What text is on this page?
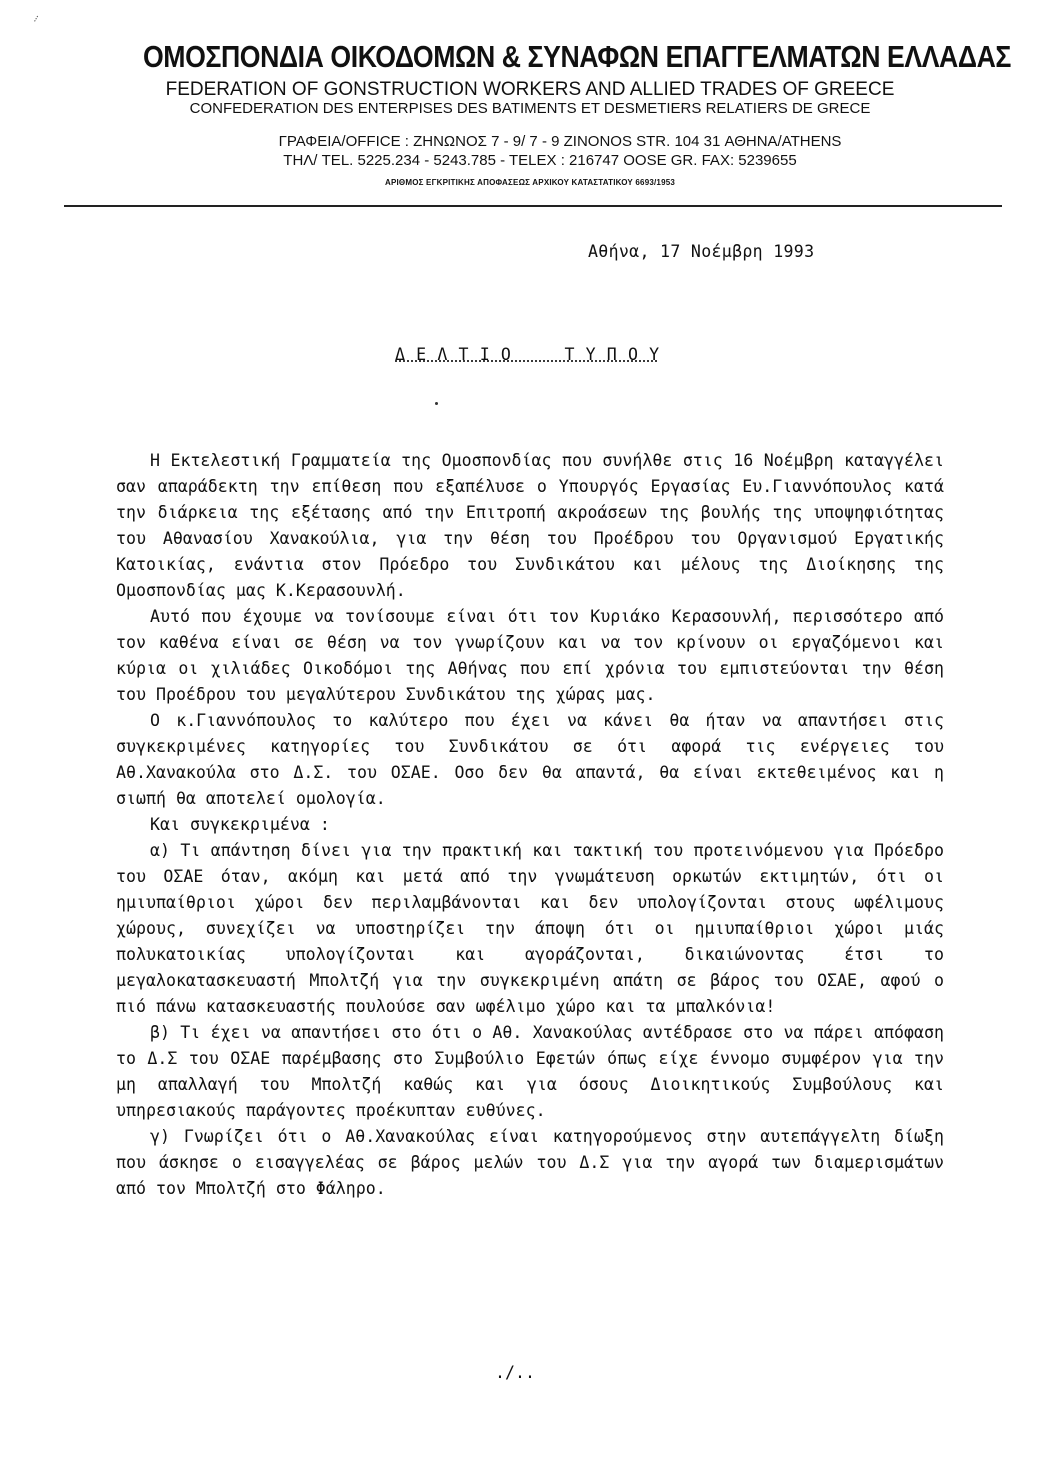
ΟΜΟΣΠΟΝΔΙΑ ΟΙΚΟΔΟΜΩΝ & ΣΥΝΑΦΩΝ ΕΠΑΓΓΕΛΜΑΤΩΝ ΕΛΛΑΔΑΣ
FEDERATION OF GONSTRUCTION WORKERS AND ALLIED TRADES OF GREECE
CONFEDERATION DES ENTERPISES DES BATIMENTS ET DESMETIERS RELATIERS DE GRECE
ΓΡΑΦΕΙΑ/OFFICE : ΖΗΝΩΝΟΣ 7 - 9/ 7 - 9 ZINONOS STR. 104 31 ΑΘΗΝΑ/ATHENS
ΤΗΛ/ TEL. 5225.234 - 5243.785 - TELEX : 216747 OOSE GR. FAX: 5239655
ΑΡΙΘΜΟΣ ΕΓΚΡΙΤΙΚΗΣ ΑΠΟΦΑΣΕΩΣ ΑΡΧΙΚΟΥ ΚΑΤΑΣΤΑΤΙΚΟΥ 6693/1953
Αθήνα, 17 Νοέμβρη 1993
Δ Ε Λ Τ Ι Ο     Τ Υ Π Ο Υ

Η Εκτελεστική Γραμματεία της Ομοσπονδίας που συνήλθε στις 16 Νοέμβρη καταγγέλει σαν απαράδεκτη την επίθεση που εξαπέλυσε ο Υπουργός Εργασίας Ευ.Γιαννόπουλος κατά την διάρκεια της εξέτασης από την Επιτροπή ακροάσεων της βουλής της υποψηφιότητας του Αθανασίου Χανακούλια, για την θέση του Προέδρου του Οργανισμού Εργατικής Κατοικίας, ενάντια στον Πρόεδρο του Συνδικάτου και μέλους της Διοίκησης της Ομοσπονδίας μας Κ.Κερασουνλή.

Αυτό που έχουμε να τονίσουμε είναι ότι τον Κυριάκο Κερασουνλή, περισσότερο από τον καθένα είναι σε θέση να τον γνωρίζουν και να τον κρίνουν οι εργαζόμενοι και κύρια οι χιλιάδες Οικοδόμοι της Αθήνας που επί χρόνια του εμπιστεύονται την θέση του Προέδρου του μεγαλύτερου Συνδικάτου της χώρας μας.

Ο κ.Γιαννόπουλος το καλύτερο που έχει να κάνει θα ήταν να απαντήσει στις συγκεκριμένες κατηγορίες του Συνδικάτου σε ότι αφορά τις ενέργειες του Αθ.Χανακούλα στο Δ.Σ. του ΟΣΑΕ. Οσο δεν θα απαντά, θα είναι εκτεθειμένος και η σιωπή θα αποτελεί ομολογία.

Και συγκεκριμένα :

α) Τι απάντηση δίνει για την πρακτική και τακτική του προτεινόμενου για Πρόεδρο του ΟΣΑΕ όταν, ακόμη και μετά από την γνωμάτευση ορκωτών εκτιμητών, ότι οι ημιυπαίθριοι χώροι δεν περιλαμβάνονται και δεν υπολογίζονται στους ωφέλιμους χώρους, συνεχίζει να υποστηρίζει την άποψη ότι οι ημιυπαίθριοι χώροι μιάς πολυκατοικίας υπολογίζονται και αγοράζονται, δικαιώνοντας έτσι το μεγαλοκατασκευαστή Μπολτζή για την συγκεκριμένη απάτη σε βάρος του ΟΣΑΕ, αφού ο πιό πάνω κατασκευαστής πουλούσε σαν ωφέλιμο χώρο και τα μπαλκόνια!

β) Τι έχει να απαντήσει στο ότι ο Αθ. Χανακούλας αντέδρασε στο να πάρει απόφαση το Δ.Σ του ΟΣΑΕ παρέμβασης στο Συμβούλιο Εφετών όπως είχε έννομο συμφέρον για την μη απαλλαγή του Μπολτζή καθώς και για όσους Διοικητικούς Συμβούλους και υπηρεσιακούς παράγοντες προέκυπταν ευθύνες.

γ) Γνωρίζει ότι ο Αθ.Χανακούλας είναι κατηγορούμενος στην αυτεπάγγελτη δίωξη που άσκησε ο εισαγγελέας σε βάρος μελών του Δ.Σ για την αγορά των διαμερισμάτων από τον Μπολτζή στο Φάληρο.

./..
⁝
